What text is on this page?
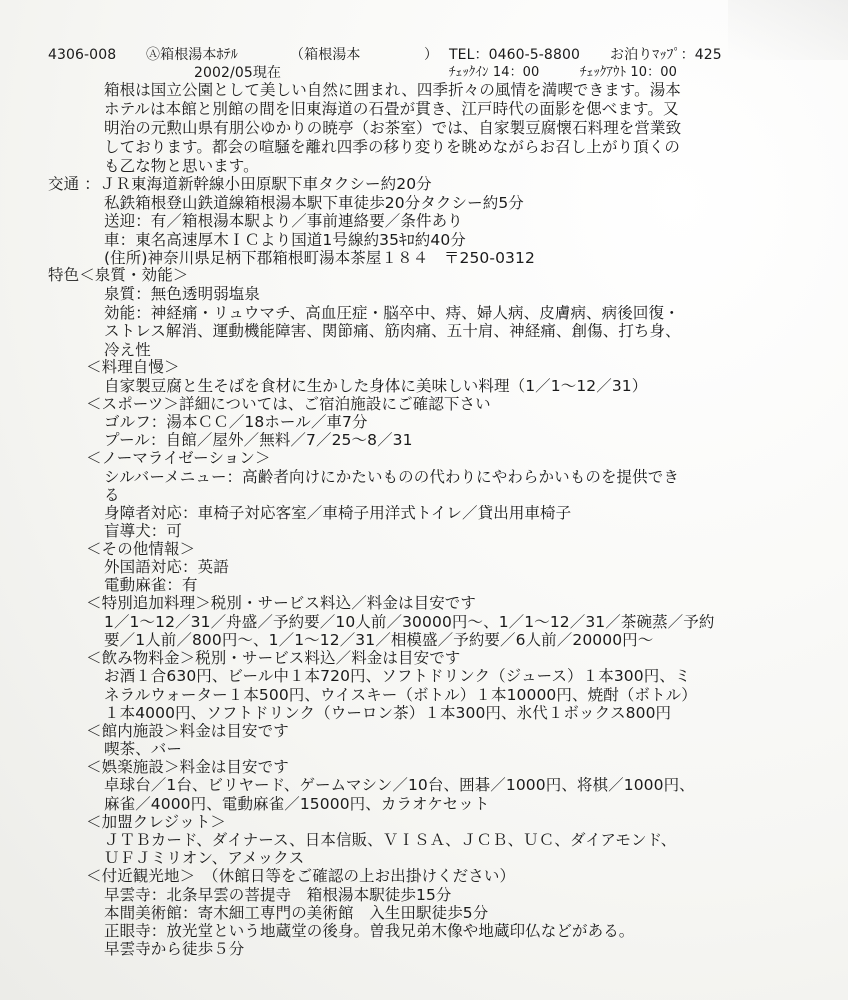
4306-008 Ⓐ箱根湯本ﾎﾃﾙ	（箱根湯本	） TEL：0460-5-8800 お泊りﾏｯﾌﾟ：425
2002/05現在	ﾁｪｯｸｲﾝ 14：00	ﾁｪｯｸｱｳﾄ 10：00
箱根は国立公園として美しい自然に囲まれ、四季折々の風情を満喫できます。湯本
ホテルは本館と別館の間を旧東海道の石畳が貫き、江戸時代の面影を偲べます。又
明治の元勲山県有朋公ゆかりの暁亭（お茶室）では、自家製豆腐懐石料理を営業致
しております。都会の喧騒を離れ四季の移り変りを眺めながらお召し上がり頂くの
も乙な物と思います。
交通 ：ＪＲ東海道新幹線小田原駅下車タクシー約20分
私鉄箱根登山鉄道線箱根湯本駅下車徒歩20分タクシー約5分
送迎：有／箱根湯本駅より／事前連絡要／条件あり
車：東名高速厚木ＩＣより国道1号線約35ｷﾛ約40分
(住所)神奈川県足柄下郡箱根町湯本茶屋１８４　〒250-0312
特色＜泉質・効能＞
泉質：無色透明弱塩泉
効能：神経痛・リュウマチ、高血圧症・脳卒中、痔、婦人病、皮膚病、病後回復・
ストレス解消、運動機能障害、関節痛、筋肉痛、五十肩、神経痛、創傷、打ち身、
冷え性
＜料理自慢＞
自家製豆腐と生そばを食材に生かした身体に美味しい料理（1／1～12／31）
＜スポーツ＞詳細については、ご宿泊施設にご確認下さい
ゴルフ：湯本ＣＣ／18ホール／車7分
プール：自館／屋外／無料／7／25～8／31
＜ノーマライゼーション＞
シルバーメニュー：高齢者向けにかたいものの代わりにやわらかいものを提供でき
る
身障者対応：車椅子対応客室／車椅子用洋式トイレ／貸出用車椅子
盲導犬：可
＜その他情報＞
外国語対応：英語
電動麻雀：有
＜特別追加料理＞税別・サービス料込／料金は目安です
1／1～12／31／舟盛／予約要／10人前／30000円～、1／1～12／31／茶碗蒸／予約
要／1人前／800円～、1／1～12／31／相模盛／予約要／6人前／20000円～
＜飲み物料金＞税別・サービス料込／料金は目安です
お酒１合630円、ビール中１本720円、ソフトドリンク（ジュース）１本300円、ミ
ネラルウォーター１本500円、ウイスキー（ボトル）１本10000円、焼酎（ボトル）
１本4000円、ソフトドリンク（ウーロン茶）１本300円、氷代１ボックス800円
＜館内施設＞料金は目安です
喫茶、バー
＜娯楽施設＞料金は目安です
卓球台／1台、ビリヤード、ゲームマシン／10台、囲碁／1000円、将棋／1000円、
麻雀／4000円、電動麻雀／15000円、カラオケセット
＜加盟クレジット＞
ＪＴＢカード、ダイナース、日本信販、ＶＩＳＡ、ＪＣＢ、ＵＣ、ダイアモンド、
ＵＦＪミリオン、アメックス
＜付近観光地＞　（休館日等をご確認の上お出掛けください）
早雲寺：北条早雲の菩提寺　箱根湯本駅徒歩15分
本間美術館：寄木細工専門の美術館　入生田駅徒歩5分
正眼寺：放光堂という地蔵堂の後身。曽我兄弟木像や地蔵印仏などがある。
早雲寺から徒歩５分
